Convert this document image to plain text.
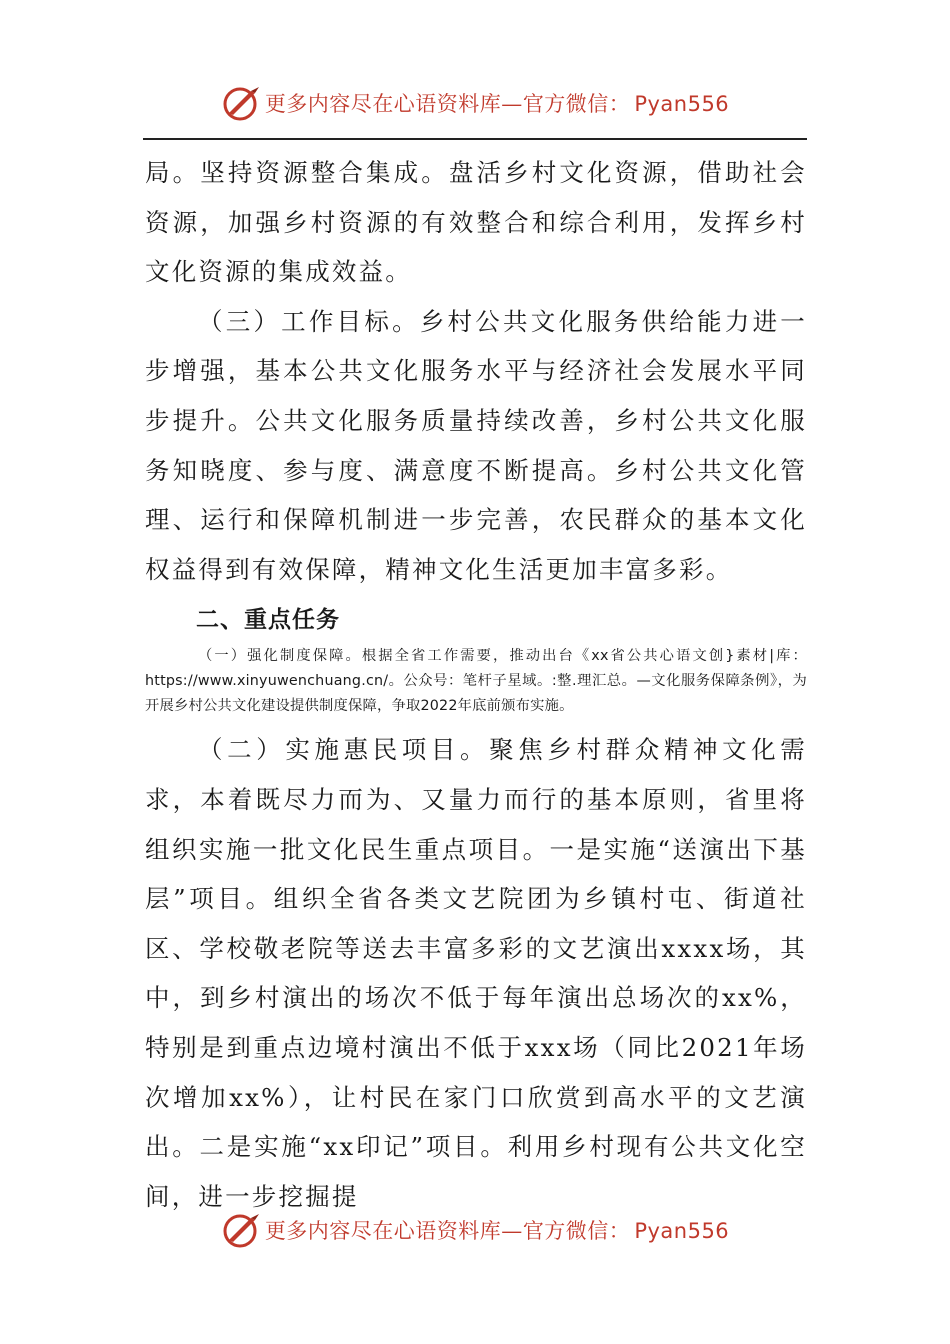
更多内容尽在心语资料库—官方微信： Pyan556

局。坚持资源整合集成。盘活乡村文化资源，借助社会资源，加强乡村资源的有效整合和综合利用，发挥乡村文化资源的集成效益。

（三）工作目标。乡村公共文化服务供给能力进一步增强，基本公共文化服务水平与经济社会发展水平同步提升。公共文化服务质量持续改善，乡村公共文化服务知晓度、参与度、满意度不断提高。乡村公共文化管理、运行和保障机制进一步完善，农民群众的基本文化权益得到有效保障，精神文化生活更加丰富多彩。

二、重点任务

（一）强化制度保障。根据全省工作需要，推动出台《xx省公共心语文创}素材|库：https://www.xinyuwenchuang.cn/。公众号：笔杆子星域。:整.理汇总。—文化服务保障条例》，为开展乡村公共文化建设提供制度保障，争取2022年底前颁布实施。

（二）实施惠民项目。聚焦乡村群众精神文化需求，本着既尽力而为、又量力而行的基本原则，省里将组织实施一批文化民生重点项目。一是实施“送演出下基层”项目。组织全省各类文艺院团为乡镇村屯、街道社区、学校敬老院等送去丰富多彩的文艺演出xxxx场，其中，到乡村演出的场次不低于每年演出总场次的xx%，特别是到重点边境村演出不低于xxx场（同比2021年场次增加xx%），让村民在家门口欣赏到高水平的文艺演出。二是实施“xx印记”项目。利用乡村现有公共文化空间，进一步挖掘提

更多内容尽在心语资料库—官方微信： Pyan556
